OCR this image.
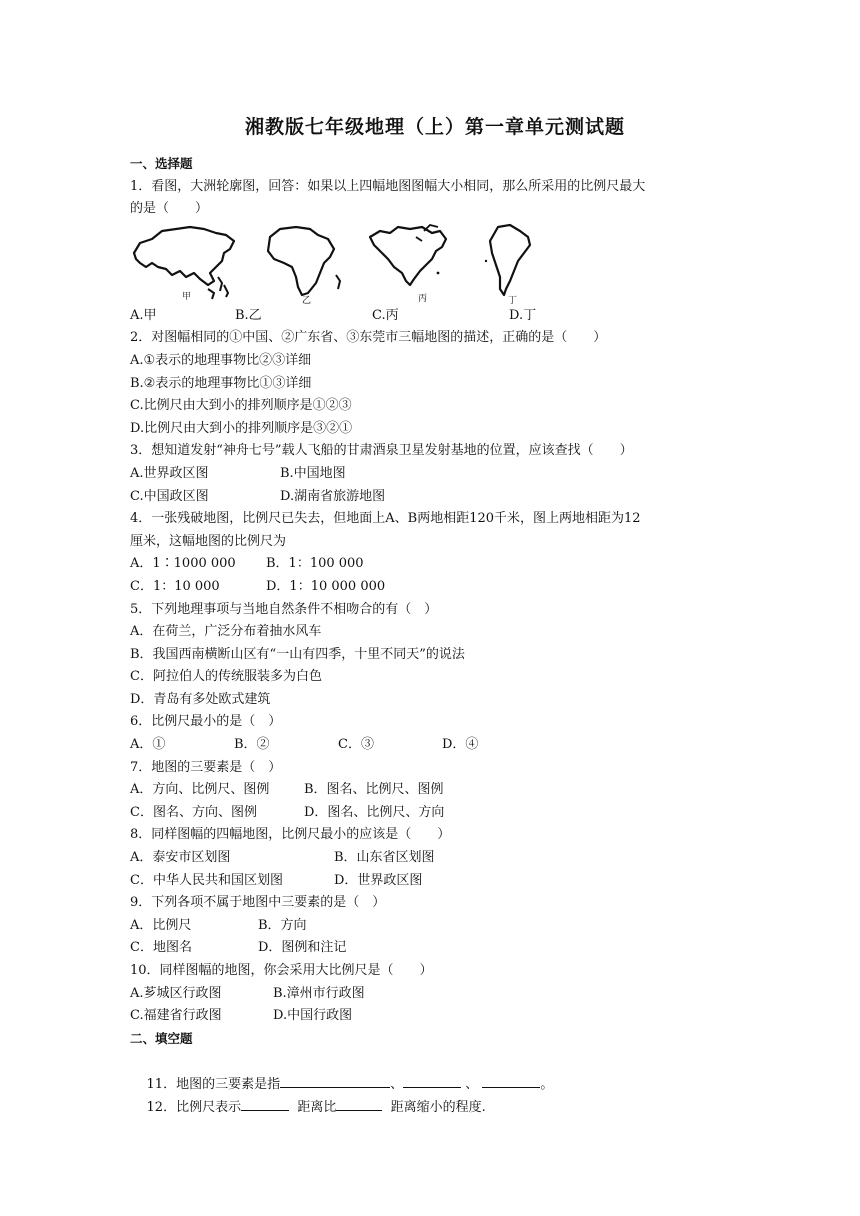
湘教版七年级地理（上）第一章单元测试题
一、选择题
1．看图，大洲轮廓图，回答：如果以上四幅地图图幅大小相同，那么所采用的比例尺最大
的是（　　）
甲	乙	丙	丁
A.甲	B.乙	C.丙	D.丁
2．对图幅相同的①中国、②广东省、③东莞市三幅地图的描述，正确的是（　　）
A.①表示的地理事物比②③详细
B.②表示的地理事物比①③详细
C.比例尺由大到小的排列顺序是①②③
D.比例尺由大到小的排列顺序是③②①
3．想知道发射“神舟七号”载人飞船的甘肃酒泉卫星发射基地的位置，应该查找（　　）
A.世界政区图	B.中国地图
C.中国政区图	D.湖南省旅游地图
4．一张残破地图，比例尺已失去，但地面上A、B两地相距120千米，图上两地相距为12
厘米，这幅地图的比例尺为
A．1∶1000 000	B．1：100 000
C．1：10 000	D．1：10 000 000
5．下列地理事项与当地自然条件不相吻合的有（　）
A．在荷兰，广泛分布着抽水风车
B．我国西南横断山区有“一山有四季，十里不同天”的说法
C．阿拉伯人的传统服装多为白色
D．青岛有多处欧式建筑
6．比例尺最小的是（　）
A．①	B．②	C．③	D．④
7．地图的三要素是（　）
A．方向、比例尺、图例	B．图名、比例尺、图例
C．图名、方向、图例	D．图名、比例尺、方向
8．同样图幅的四幅地图，比例尺最小的应该是（　　）
A．泰安市区划图	B．山东省区划图
C．中华人民共和国区划图	D．世界政区图
9．下列各项不属于地图中三要素的是（　）
A．比例尺	B．方向
C．地图名	D．图例和注记
10．同样图幅的地图，你会采用大比例尺是（　　）
A.芗城区行政图	B.漳州市行政图
C.福建省行政图	D.中国行政图
二、填空题

11．地图的三要素是指	、	、	。

12．比例尺表示	距离比	距离缩小的程度.
